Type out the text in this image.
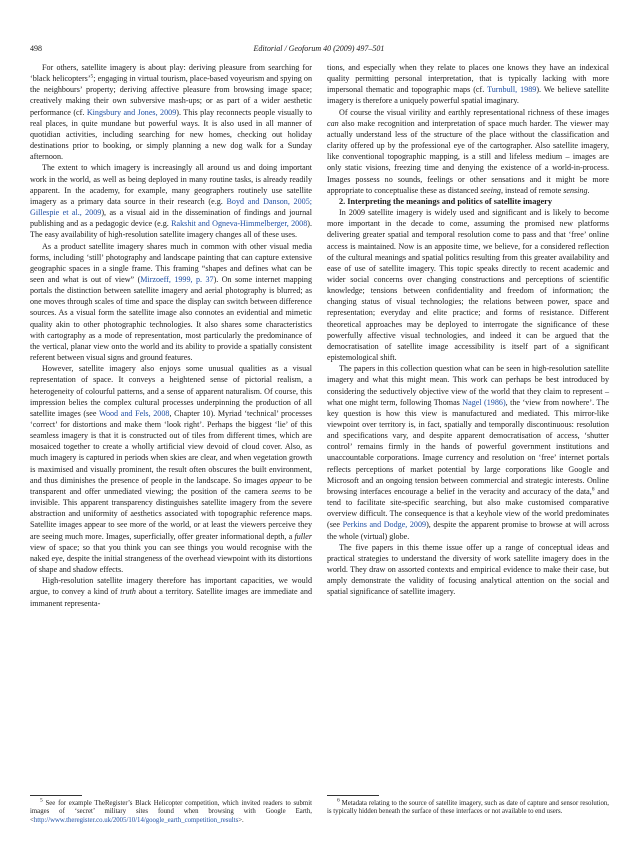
498	Editorial / Geoforum 40 (2009) 497–501

For others, satellite imagery is about play: deriving pleasure from searching for ‘black helicopters’$^5$; engaging in virtual tourism, place-based voyeurism and spying on the neighbours’ property; deriving affective pleasure from browsing image space; creatively making their own subversive mash-ups; or as part of a wider aesthetic performance (cf. Kingsbury and Jones, 2009). This play reconnects people visually to real places, in quite mundane but powerful ways. It is also used in all manner of quotidian activities, including searching for new homes, checking out holiday destinations prior to booking, or simply planning a new dog walk for a Sunday afternoon.

The extent to which imagery is increasingly all around us and doing important work in the world, as well as being deployed in many routine tasks, is already readily apparent. In the academy, for example, many geographers routinely use satellite imagery as a primary data source in their research (e.g. Boyd and Danson, 2005; Gillespie et al., 2009), as a visual aid in the dissemination of findings and journal publishing and as a pedagogic device (e.g. Rakshit and Ogneva-Himmelberger, 2008). The easy availability of high-resolution satellite imagery changes all of these uses.

As a product satellite imagery shares much in common with other visual media forms, including ‘still’ photography and landscape painting that can capture extensive geographic spaces in a single frame. This framing “shapes and defines what can be seen and what is out of view” (Mirzoeff, 1999, p. 37). On some internet mapping portals the distinction between satellite imagery and aerial photography is blurred; as one moves through scales of time and space the display can switch between difference sources. As a visual form the satellite image also connotes an evidential and mimetic quality akin to other photographic technologies. It also shares some characteristics with cartography as a mode of representation, most particularly the predominance of the vertical, planar view onto the world and its ability to provide a spatially consistent referent between visual signs and ground features.

However, satellite imagery also enjoys some unusual qualities as a visual representation of space. It conveys a heightened sense of pictorial realism, a heterogeneity of colourful patterns, and a sense of apparent naturalism. Of course, this impression belies the complex cultural processes underpinning the production of all satellite images (see Wood and Fels, 2008, Chapter 10). Myriad ‘technical’ processes ‘correct’ for distortions and make them ‘look right’. Perhaps the biggest ‘lie’ of this seamless imagery is that it is constructed out of tiles from different times, which are mosaiced together to create a wholly artificial view devoid of cloud cover. Also, as much imagery is captured in periods when skies are clear, and when vegetation growth is maximised and visually prominent, the result often obscures the built environment, and thus diminishes the presence of people in the landscape. So images appear to be transparent and offer unmediated viewing; the position of the camera seems to be invisible. This apparent transparency distinguishes satellite imagery from the severe abstraction and uniformity of aesthetics associated with topographic reference maps. Satellite images appear to see more of the world, or at least the viewers perceive they are seeing much more. Images, superficially, offer greater informational depth, a fuller view of space; so that you think you can see things you would recognise with the naked eye, despite the initial strangeness of the overhead viewpoint with its distortions of shape and shadow effects.

High-resolution satellite imagery therefore has important capacities, we would argue, to convey a kind of truth about a territory. Satellite images are immediate and immanent representa-

tions, and especially when they relate to places one knows they have an indexical quality permitting personal interpretation, that is typically lacking with more impersonal thematic and topographic maps (cf. Turnbull, 1989). We believe satellite imagery is therefore a uniquely powerful spatial imaginary.

Of course the visual virility and earthly representational richness of these images can also make recognition and interpretation of space much harder. The viewer may actually understand less of the structure of the place without the classification and clarity offered up by the professional eye of the cartographer. Also satellite imagery, like conventional topographic mapping, is a still and lifeless medium – images are only static visions, freezing time and denying the existence of a world-in-process. Images possess no sounds, feelings or other sensations and it might be more appropriate to conceptualise these as distanced seeing, instead of remote sensing.

2. Interpreting the meanings and politics of satellite imagery

In 2009 satellite imagery is widely used and significant and is likely to become more important in the decade to come, assuming the promised new platforms delivering greater spatial and temporal resolution come to pass and that ‘free’ online access is maintained. Now is an apposite time, we believe, for a considered reflection of the cultural meanings and spatial politics resulting from this greater availability and ease of use of satellite imagery. This topic speaks directly to recent academic and wider social concerns over changing constructions and perceptions of scientific knowledge; tensions between confidentiality and freedom of information; the changing status of visual technologies; the relations between power, space and representation; everyday and elite practice; and forms of resistance. Different theoretical approaches may be deployed to interrogate the significance of these powerfully affective visual technologies, and indeed it can be argued that the democratisation of satellite image accessibility is itself part of a significant epistemological shift.

The papers in this collection question what can be seen in high-resolution satellite imagery and what this might mean. This work can perhaps be best introduced by considering the seductively objective view of the world that they claim to represent – what one might term, following Thomas Nagel (1986), the ‘view from nowhere’. The key question is how this view is manufactured and mediated. This mirror-like viewpoint over territory is, in fact, spatially and temporally discontinuous: resolution and specifications vary, and despite apparent democratisation of access, ‘shutter control’ remains firmly in the hands of powerful government institutions and unaccountable corporations. Image currency and resolution on ‘free’ internet portals reflects perceptions of market potential by large corporations like Google and Microsoft and an ongoing tension between commercial and strategic interests. Online browsing interfaces encourage a belief in the veracity and accuracy of the data,$^6$ and tend to facilitate site-specific searching, but also make customised comparative overview difficult. The consequence is that a keyhole view of the world predominates (see Perkins and Dodge, 2009), despite the apparent promise to browse at will across the whole (virtual) globe.

The five papers in this theme issue offer up a range of conceptual ideas and practical strategies to understand the diversity of work satellite imagery does in the world. They draw on assorted contexts and empirical evidence to make their case, but amply demonstrate the validity of focusing analytical attention on the social and spatial significance of satellite imagery.

$^5$ See for example TheRegister’s Black Helicopter competition, which invited readers to submit images of ‘secret’ military sites found when browsing with Google Earth, <http://www.theregister.co.uk/2005/10/14/google_earth_competition_results>.

$^6$ Metadata relating to the source of satellite imagery, such as date of capture and sensor resolution, is typically hidden beneath the surface of these interfaces or not available to end users.
